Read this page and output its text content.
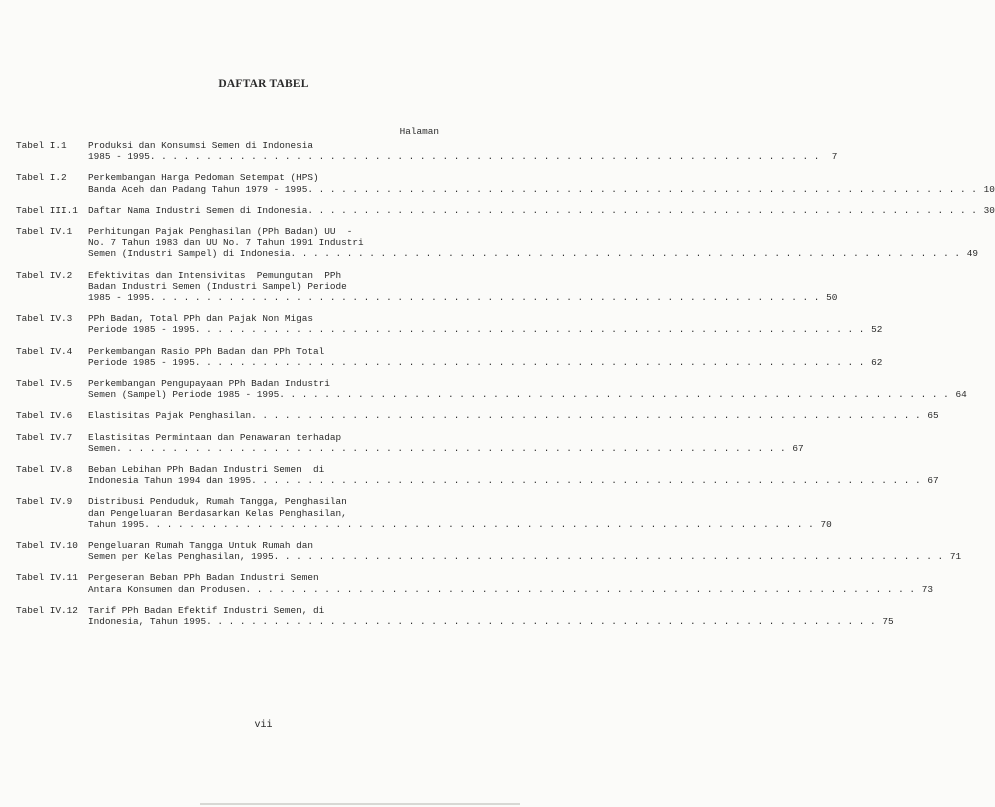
DAFTAR TABEL
Halaman
Tabel I.1	Produksi dan Konsumsi Semen di Indonesia
1985 - 1995 . . . . . . . . . . . . . . . . . . . . . . . . . . . . . . . . . . . . . . . . . . . . . . . . . . . . . . . . . . . .	7
Tabel I.2	Perkembangan Harga Pedoman Setempat (HPS)
Banda Aceh dan Padang Tahun 1979 - 1995 . . . . . . . . . . . . . . . . . . . . . . . . . . . . . . . . . . . . . . . . . . . . . . . . . . . . . . . . . . . . 10
Tabel III.1	Daftar Nama Industri Semen di Indonesia . . . . . . . . . . . . . . . . . . . . . . . . . . . . . . . . . . . . . . . . . . . . . . . . . . . . . . . . . . . . 30
Tabel IV.1	Perhitungan Pajak Penghasilan (PPh Badan) UU  -
No. 7 Tahun 1983 dan UU No. 7 Tahun 1991 Industri
Semen (Industri Sampel) di Indonesia . . . . . . . . . . . . . . . . . . . . . . . . . . . . . . . . . . . . . . . . . . . . . . . . . . . . . . . . . . . . 49
Tabel IV.2	Efektivitas dan Intensivitas  Pemungutan  PPh
Badan Industri Semen (Industri Sampel) Periode
1985 - 1995 . . . . . . . . . . . . . . . . . . . . . . . . . . . . . . . . . . . . . . . . . . . . . . . . . . . . . . . . . . . . 50
Tabel IV.3	PPh Badan, Total PPh dan Pajak Non Migas
Periode 1985 - 1995 . . . . . . . . . . . . . . . . . . . . . . . . . . . . . . . . . . . . . . . . . . . . . . . . . . . . . . . . . . . . 52
Tabel IV.4	Perkembangan Rasio PPh Badan dan PPh Total
Periode 1985 - 1995 . . . . . . . . . . . . . . . . . . . . . . . . . . . . . . . . . . . . . . . . . . . . . . . . . . . . . . . . . . . . 62
Tabel IV.5	Perkembangan Pengupayaan PPh Badan Industri
Semen (Sampel) Periode 1985 - 1995 . . . . . . . . . . . . . . . . . . . . . . . . . . . . . . . . . . . . . . . . . . . . . . . . . . . . . . . . . . . . 64
Tabel IV.6	Elastisitas Pajak Penghasilan . . . . . . . . . . . . . . . . . . . . . . . . . . . . . . . . . . . . . . . . . . . . . . . . . . . . . . . . . . . . 65
Tabel IV.7	Elastisitas Permintaan dan Penawaran terhadap
Semen . . . . . . . . . . . . . . . . . . . . . . . . . . . . . . . . . . . . . . . . . . . . . . . . . . . . . . . . . . . . 67
Tabel IV.8	Beban Lebihan PPh Badan Industri Semen  di
Indonesia Tahun 1994 dan 1995 . . . . . . . . . . . . . . . . . . . . . . . . . . . . . . . . . . . . . . . . . . . . . . . . . . . . . . . . . . . . 67
Tabel IV.9	Distribusi Penduduk, Rumah Tangga, Penghasilan
dan Pengeluaran Berdasarkan Kelas Penghasilan,
Tahun 1995 . . . . . . . . . . . . . . . . . . . . . . . . . . . . . . . . . . . . . . . . . . . . . . . . . . . . . . . . . . . . 70
Tabel IV.10	Pengeluaran Rumah Tangga Untuk Rumah dan
Semen per Kelas Penghasilan, 1995 . . . . . . . . . . . . . . . . . . . . . . . . . . . . . . . . . . . . . . . . . . . . . . . . . . . . . . . . . . . . 71
Tabel IV.11	Pergeseran Beban PPh Badan Industri Semen
Antara Konsumen dan Produsen . . . . . . . . . . . . . . . . . . . . . . . . . . . . . . . . . . . . . . . . . . . . . . . . . . . . . . . . . . . . 73
Tabel IV.12	Tarif PPh Badan Efektif Industri Semen, di
Indonesia, Tahun 1995 . . . . . . . . . . . . . . . . . . . . . . . . . . . . . . . . . . . . . . . . . . . . . . . . . . . . . . . . . . . . 75
vii
